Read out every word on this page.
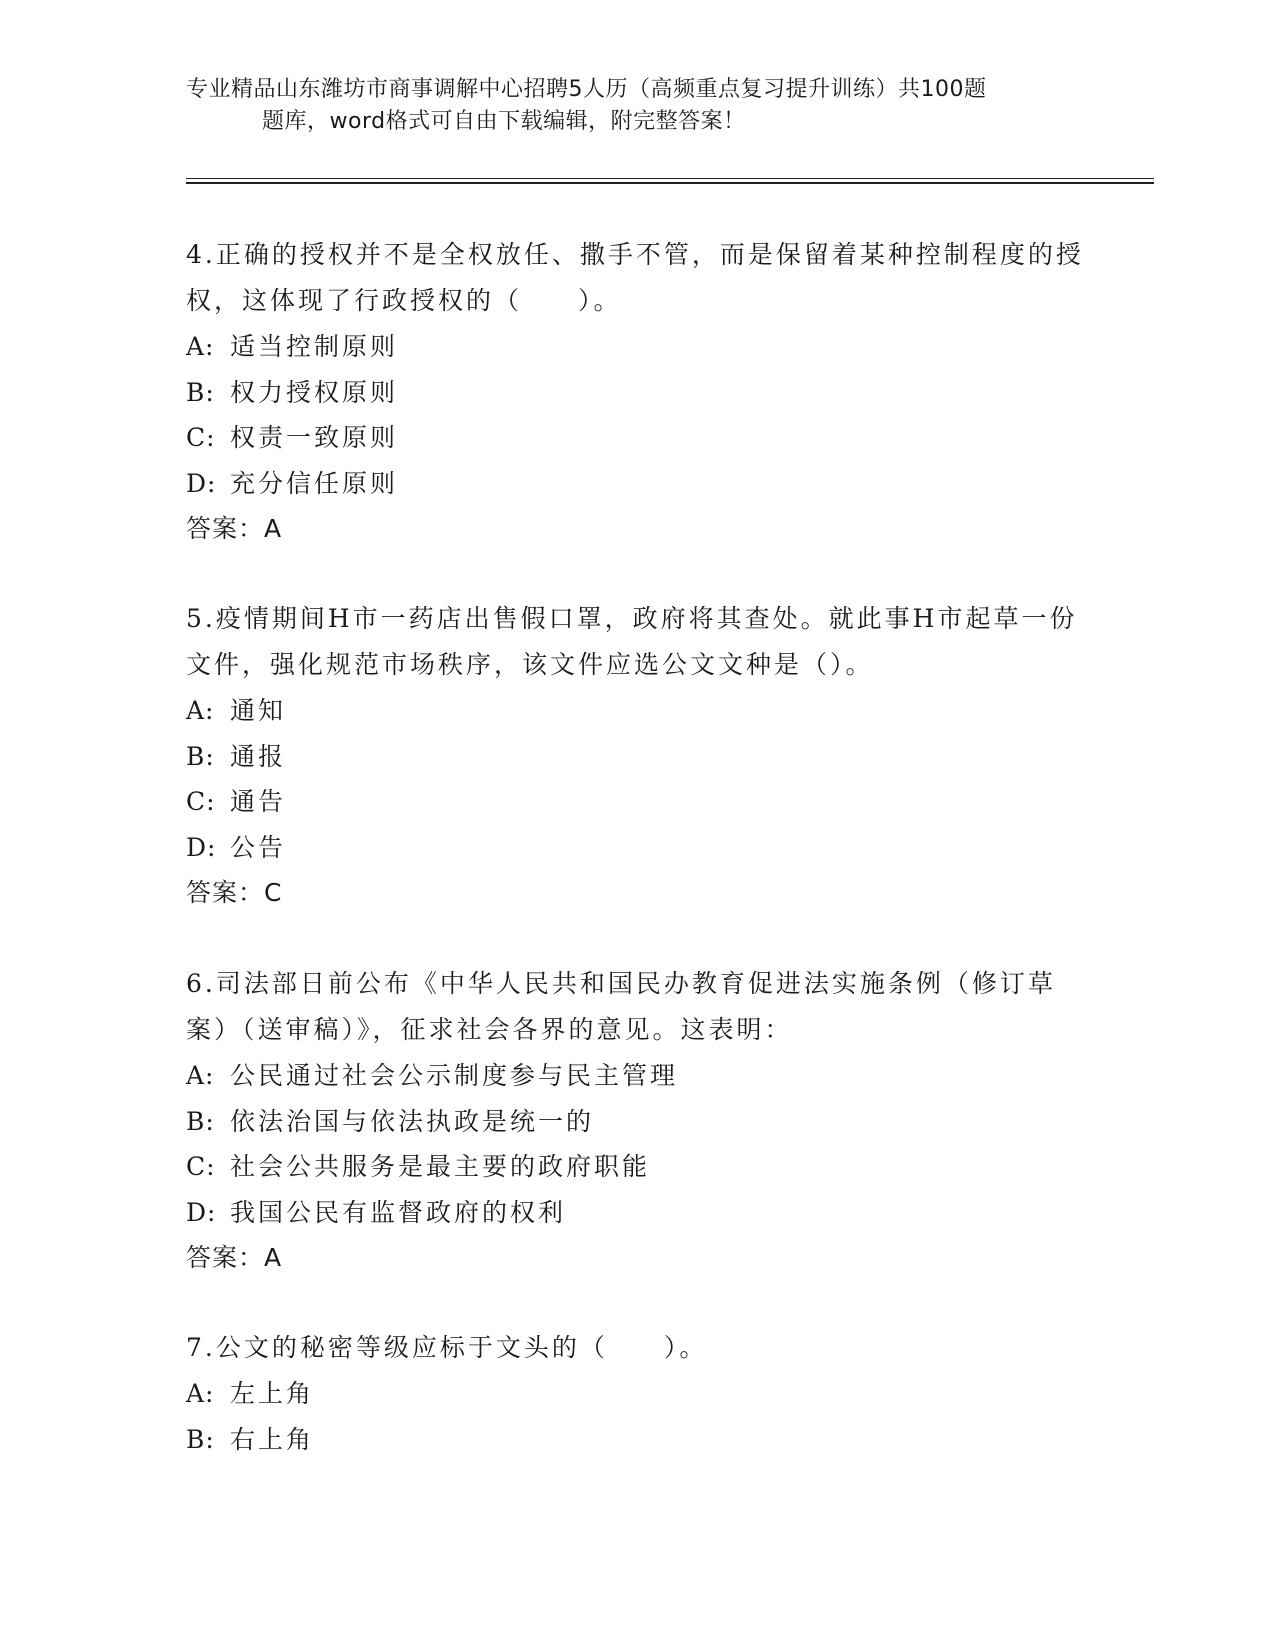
专业精品山东潍坊市商事调解中心招聘5人历（高频重点复习提升训练）共100题
题库，word格式可自由下载编辑，附完整答案！

4.正确的授权并不是全权放任、撒手不管，而是保留着某种控制程度的授权，这体现了行政授权的（　　）。

A: 适当控制原则

B: 权力授权原则

C: 权责一致原则

D: 充分信任原则

答案：A

5.疫情期间H市一药店出售假口罩，政府将其查处。就此事H市起草一份文件，强化规范市场秩序，该文件应选公文文种是（）。

A: 通知

B: 通报

C: 通告

D: 公告

答案：C

6.司法部日前公布《中华人民共和国民办教育促进法实施条例（修订草案）（送审稿）》，征求社会各界的意见。这表明：

A: 公民通过社会公示制度参与民主管理

B: 依法治国与依法执政是统一的

C: 社会公共服务是最主要的政府职能

D: 我国公民有监督政府的权利

答案：A

7.公文的秘密等级应标于文头的（　　）。

A: 左上角

B: 右上角
